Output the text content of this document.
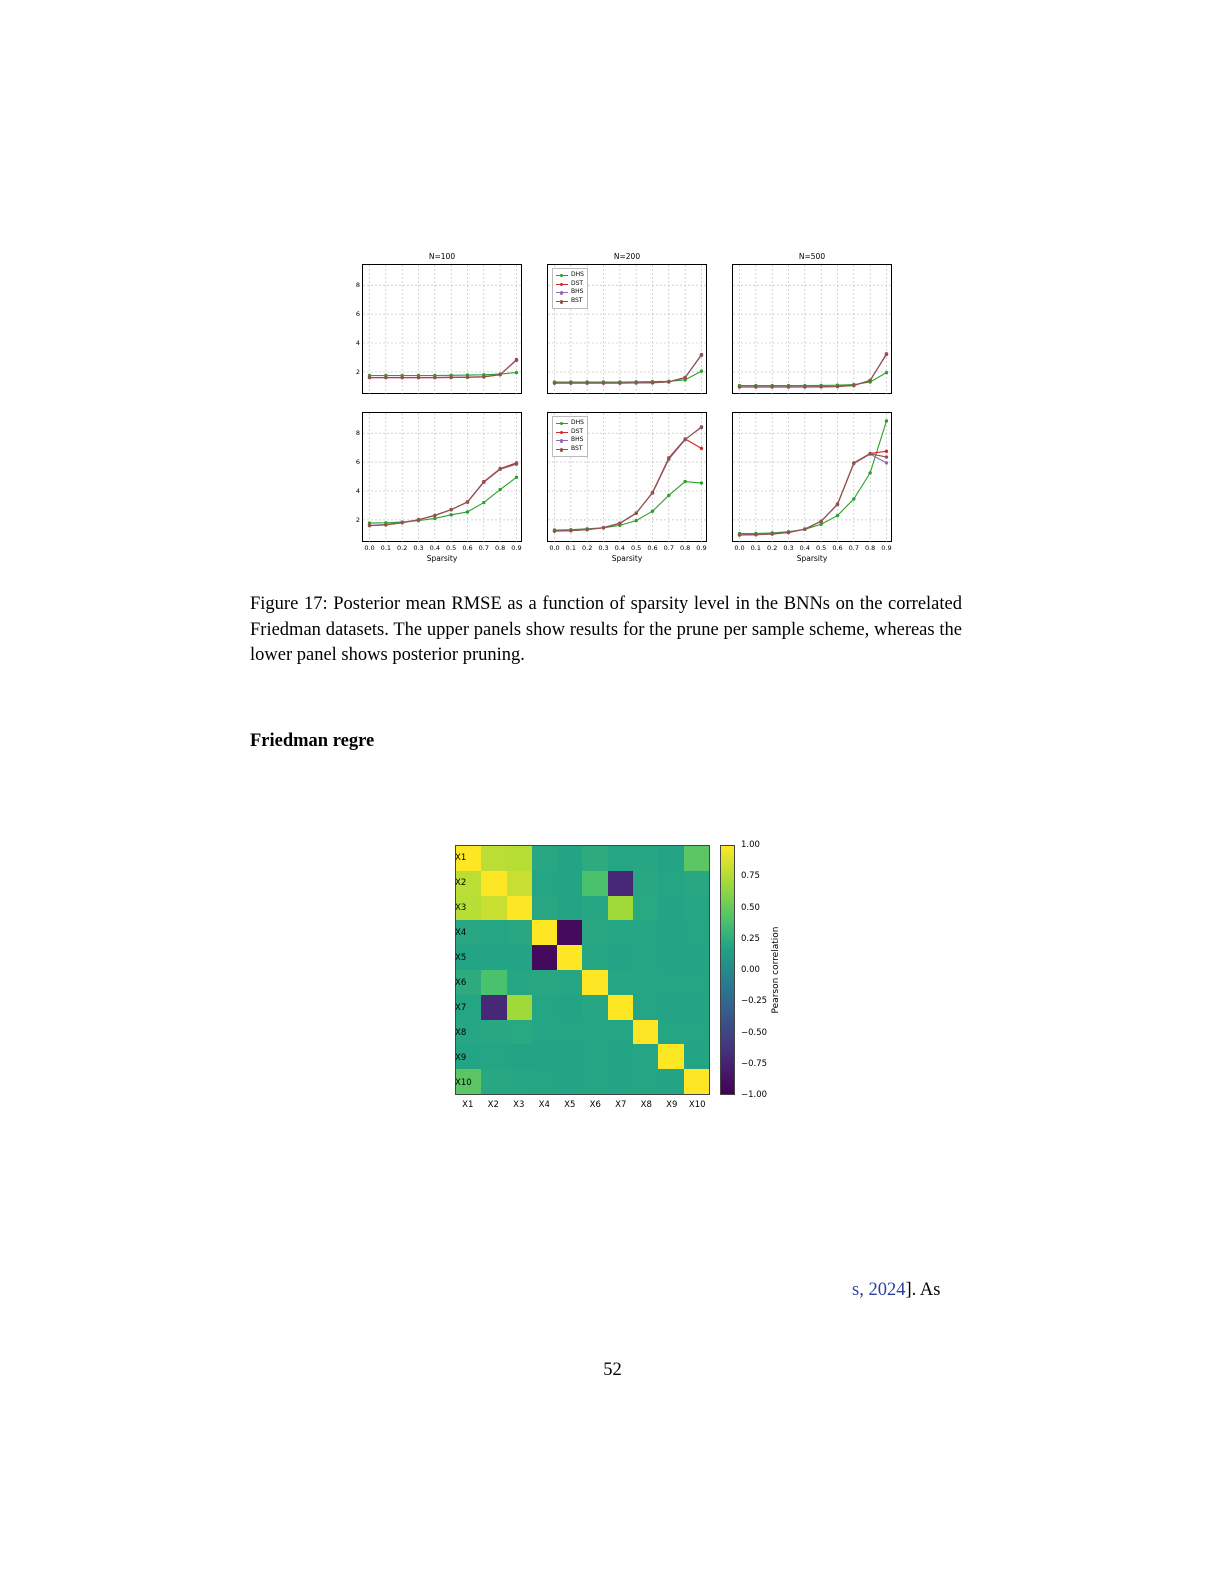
N=100
2
4
6
8
N=200
DHS
DST
BHS
BST
N=500
2
4
6
8
0.0 0.1 0.2 0.3 0.4 0.5 0.6 0.7 0.8 0.9
Sparsity
0.0 0.1 0.2 0.3 0.4 0.5 0.6 0.7 0.8 0.9
Sparsity
DHS
DST
BHS
BST
0.0 0.1 0.2 0.3 0.4 0.5 0.6 0.7 0.8 0.9
Sparsity
Figure 17: Posterior mean RMSE as a function of sparsity level in the BNNs on the correlated Friedman datasets. The upper panels show results for the prune per sample scheme, whereas the lower panel shows posterior pruning.
Friedman regre
Pearson correlation
X1 X2 X3 X4 X5 X6 X7 X8 X9 X10
1.00
0.75
0.50
0.25
0.00
−0.25
−0.50
−0.75
−1.00
s, 2024]. As
52
